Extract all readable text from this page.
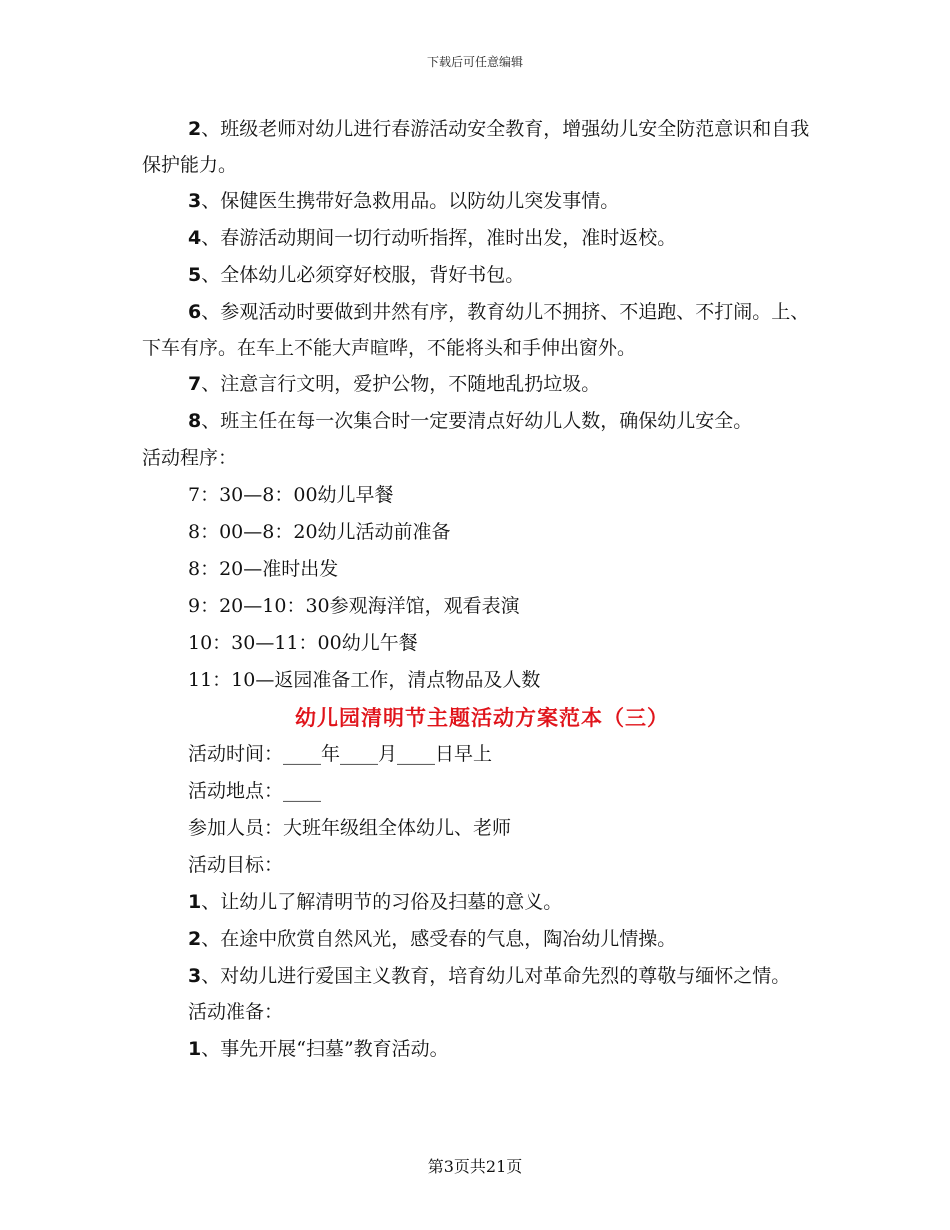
下载后可任意编辑

2、班级老师对幼儿进行春游活动安全教育，增强幼儿安全防范意识和自我保护能力。

3、保健医生携带好急救用品。以防幼儿突发事情。

4、春游活动期间一切行动听指挥，准时出发，准时返校。

5、全体幼儿必须穿好校服，背好书包。

6、参观活动时要做到井然有序，教育幼儿不拥挤、不追跑、不打闹。上、下车有序。在车上不能大声暄哗，不能将头和手伸出窗外。

7、注意言行文明，爱护公物，不随地乱扔垃圾。

8、班主任在每一次集合时一定要清点好幼儿人数，确保幼儿安全。

活动程序：

7：30—8：00幼儿早餐

8：00—8：20幼儿活动前准备

8：20—准时出发

9：20—10：30参观海洋馆，观看表演

10：30—11：00幼儿午餐

11：10—返园准备工作，清点物品及人数

幼儿园清明节主题活动方案范本（三）

活动时间：____年____月____日早上

活动地点：____

参加人员：大班年级组全体幼儿、老师

活动目标：

1、让幼儿了解清明节的习俗及扫墓的意义。

2、在途中欣赏自然风光，感受春的气息，陶冶幼儿情操。

3、对幼儿进行爱国主义教育，培育幼儿对革命先烈的尊敬与缅怀之情。

活动准备：

1、事先开展“扫墓”教育活动。

第3页共21页
